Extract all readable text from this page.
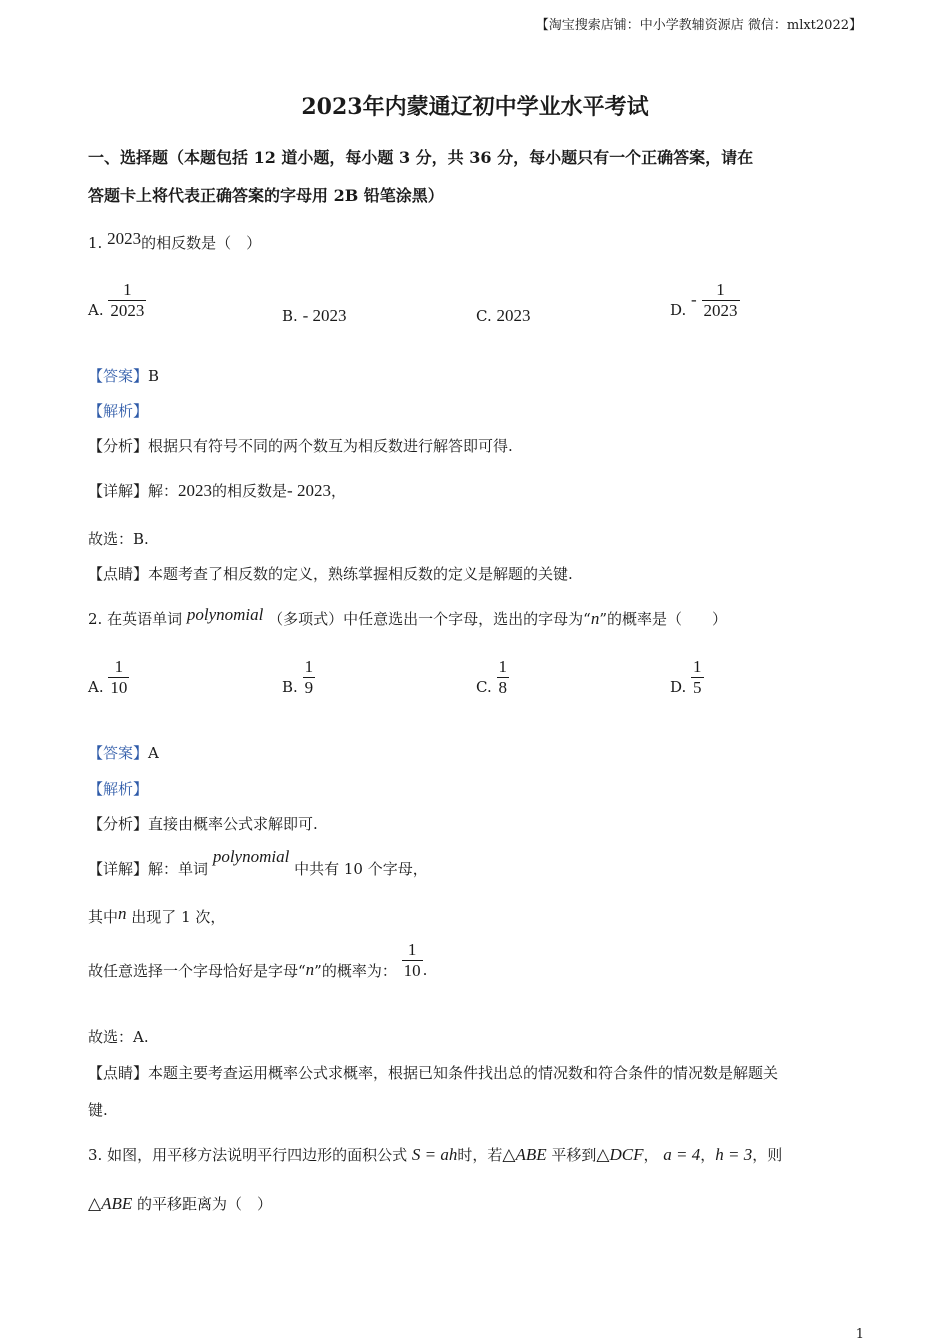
【淘宝搜索店铺：中小学教辅资源店 微信：mlxt2022】
2023年内蒙通辽初中学业水平考试
一、选择题（本题包括 12 道小题，每小题 3 分，共 36 分，每小题只有一个正确答案，请在
答题卡上将代表正确答案的字母用 2B 铅笔涂黑）
1. 2023的相反数是（　）
A. $\frac{1}{2023}$	B. - 2023	C. 2023	D. - $\frac{1}{2023}$
【答案】B
【解析】
【分析】根据只有符号不同的两个数互为相反数进行解答即可得.
【详解】解：2023的相反数是- 2023，
故选：B.
【点睛】本题考查了相反数的定义，熟练掌握相反数的定义是解题的关键.
2. 在英语单词 polynomial （多项式）中任意选出一个字母，选出的字母为“n”的概率是（　　）
A. $\frac{1}{10}$	B. $\frac{1}{9}$	C. $\frac{1}{8}$	D. $\frac{1}{5}$
【答案】A
【解析】
【分析】直接由概率公式求解即可.
【详解】解：单词 polynomial 中共有 10 个字母，
其中n 出现了 1 次，
故任意选择一个字母恰好是字母“n”的概率为： $\frac{1}{10}$ .
故选：A.
【点睛】本题主要考查运用概率公式求概率，根据已知条件找出总的情况数和符合条件的情况数是解题关
键.
3. 如图，用平移方法说明平行四边形的面积公式 S = ah时，若△ABE 平移到△DCF， a = 4，h = 3，则
△ABE 的平移距离为（　）
1
